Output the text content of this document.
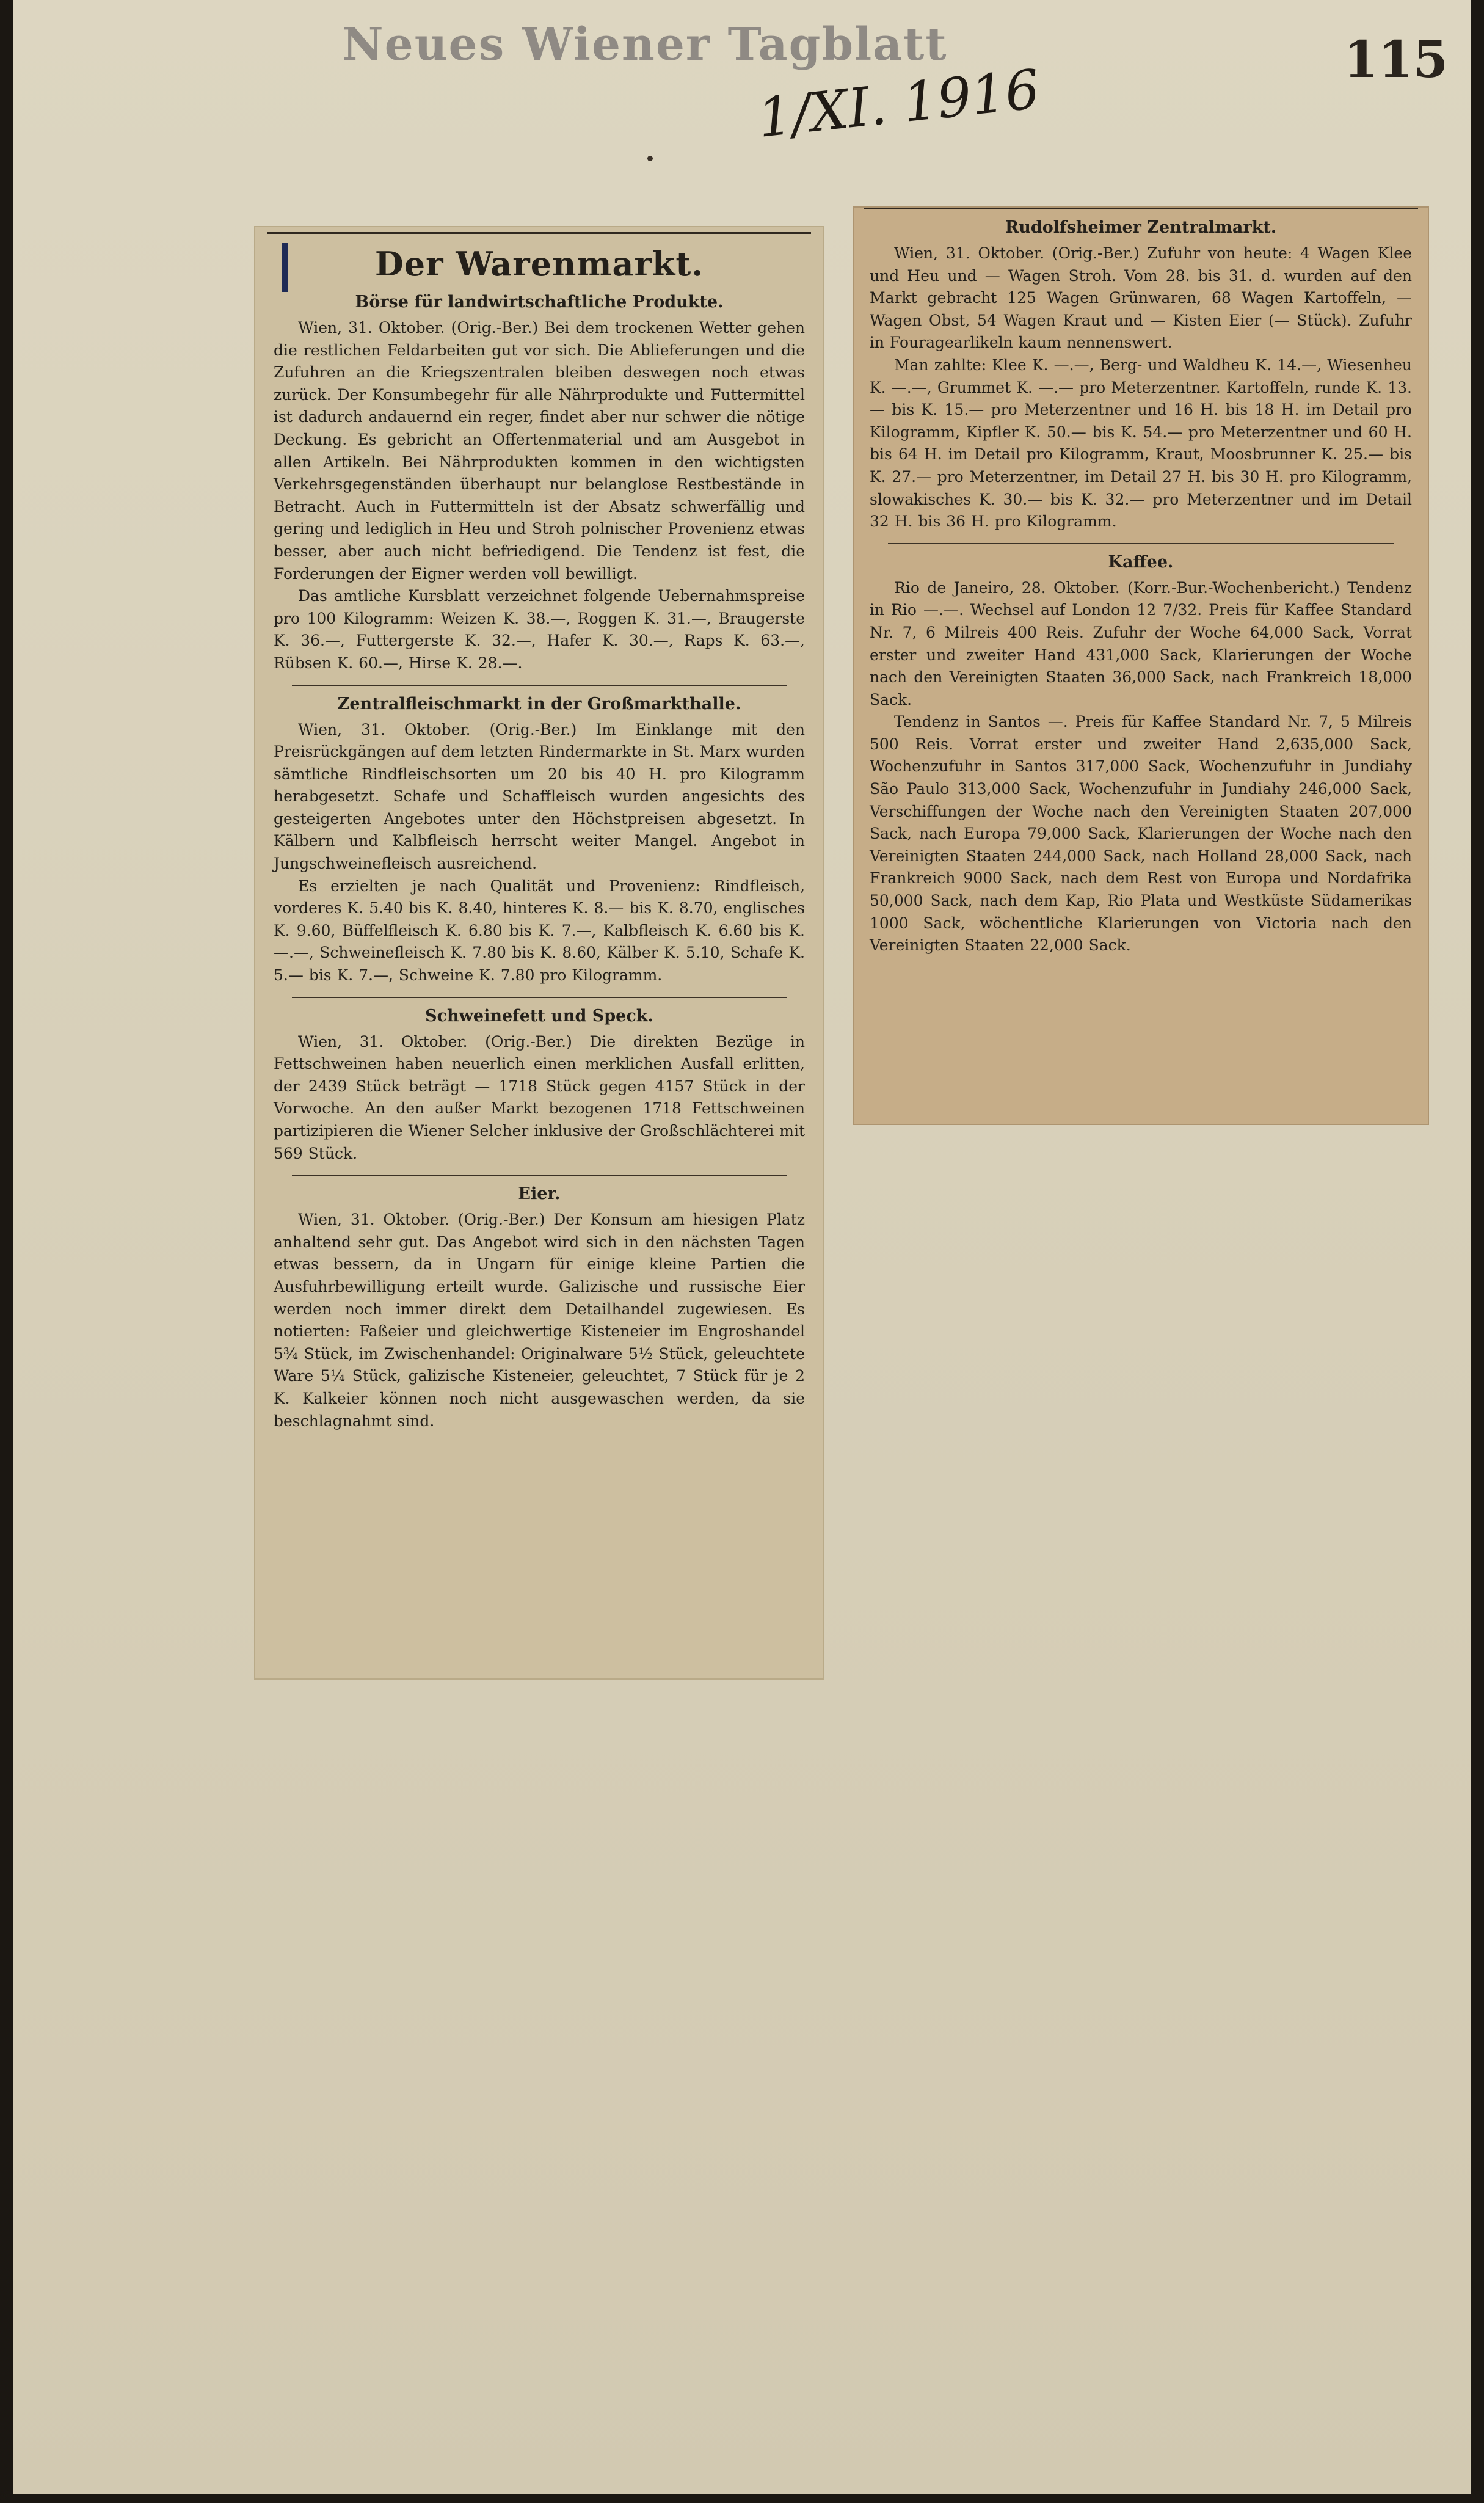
Neues Wiener Tagblatt
1/XI. 1916	115
Der Warenmarkt.
Börse für landwirtschaftliche Produkte.

Wien, 31. Oktober. (Orig.-Ber.) Bei dem trockenen Wetter gehen die restlichen Feldarbeiten gut vor sich. Die Ablieferungen und die Zufuhren an die Kriegszentralen bleiben deswegen noch etwas zurück. Der Konsumbegehr für alle Nährprodukte und Futtermittel ist dadurch andauernd ein reger, findet aber nur schwer die nötige Deckung. Es gebricht an Offertenmaterial und am Ausgebot in allen Artikeln. Bei Nährprodukten kommen in den wichtigsten Verkehrsgegenständen überhaupt nur belanglose Restbestände in Betracht. Auch in Futtermitteln ist der Absatz schwerfällig und gering und lediglich in Heu und Stroh polnischer Provenienz etwas besser, aber auch nicht befriedigend. Die Tendenz ist fest, die Forderungen der Eigner werden voll bewilligt.

Das amtliche Kursblatt verzeichnet folgende Uebernahmspreise pro 100 Kilogramm: Weizen K. 38.—, Roggen K. 31.—, Braugerste K. 36.—, Futtergerste K. 32.—, Hafer K. 30.—, Raps K. 63.—, Rübsen K. 60.—, Hirse K. 28.—.

Zentralfleischmarkt in der Großmarkthalle.

Wien, 31. Oktober. (Orig.-Ber.) Im Einklange mit den Preisrückgängen auf dem letzten Rindermarkte in St. Marx wurden sämtliche Rindfleischsorten um 20 bis 40 H. pro Kilogramm herabgesetzt. Schafe und Schaffleisch wurden angesichts des gesteigerten Angebotes unter den Höchstpreisen abgesetzt. In Kälbern und Kalbfleisch herrscht weiter Mangel. Angebot in Jungschweinefleisch ausreichend.

Es erzielten je nach Qualität und Provenienz: Rindfleisch, vorderes K. 5.40 bis K. 8.40, hinteres K. 8.— bis K. 8.70, englisches K. 9.60, Büffelfleisch K. 6.80 bis K. 7.—, Kalbfleisch K. 6.60 bis K. —.—, Schweinefleisch K. 7.80 bis K. 8.60, Kälber K. 5.10, Schafe K. 5.— bis K. 7.—, Schweine K. 7.80 pro Kilogramm.

Schweinefett und Speck.

Wien, 31. Oktober. (Orig.-Ber.) Die direkten Bezüge in Fettschweinen haben neuerlich einen merklichen Ausfall erlitten, der 2439 Stück beträgt — 1718 Stück gegen 4157 Stück in der Vorwoche. An den außer Markt bezogenen 1718 Fettschweinen partizipieren die Wiener Selcher inklusive der Großschlächterei mit 569 Stück.

Eier.

Wien, 31. Oktober. (Orig.-Ber.) Der Konsum am hiesigen Platz anhaltend sehr gut. Das Angebot wird sich in den nächsten Tagen etwas bessern, da in Ungarn für einige kleine Partien die Ausfuhrbewilligung erteilt wurde. Galizische und russische Eier werden noch immer direkt dem Detailhandel zugewiesen. Es notierten: Faßeier und gleichwertige Kisteneier im Engroshandel 5¾ Stück, im Zwischenhandel: Originalware 5½ Stück, geleuchtete Ware 5¼ Stück, galizische Kisteneier, geleuchtet, 7 Stück für je 2 K. Kalkeier können noch nicht ausgewaschen werden, da sie beschlagnahmt sind.

Rudolfsheimer Zentralmarkt.

Wien, 31. Oktober. (Orig.-Ber.) Zufuhr von heute: 4 Wagen Klee und Heu und — Wagen Stroh. Vom 28. bis 31. d. wurden auf den Markt gebracht 125 Wagen Grünwaren, 68 Wagen Kartoffeln, — Wagen Obst, 54 Wagen Kraut und — Kisten Eier (— Stück). Zufuhr in Fouragearlikeln kaum nennenswert.

Man zahlte: Klee K. —.—, Berg- und Waldheu K. 14.—, Wiesenheu K. —.—, Grummet K. —.— pro Meterzentner. Kartoffeln, runde K. 13.— bis K. 15.— pro Meterzentner und 16 H. bis 18 H. im Detail pro Kilogramm, Kipfler K. 50.— bis K. 54.— pro Meterzentner und 60 H. bis 64 H. im Detail pro Kilogramm, Kraut, Moosbrunner K. 25.— bis K. 27.— pro Meterzentner, im Detail 27 H. bis 30 H. pro Kilogramm, slowakisches K. 30.— bis K. 32.— pro Meterzentner und im Detail 32 H. bis 36 H. pro Kilogramm.

Kaffee.

Rio de Janeiro, 28. Oktober. (Korr.-Bur.-Wochenbericht.) Tendenz in Rio —.—. Wechsel auf London 12 7/32. Preis für Kaffee Standard Nr. 7, 6 Milreis 400 Reis. Zufuhr der Woche 64,000 Sack, Vorrat erster und zweiter Hand 431,000 Sack, Klarierungen der Woche nach den Vereinigten Staaten 36,000 Sack, nach Frankreich 18,000 Sack.

Tendenz in Santos —. Preis für Kaffee Standard Nr. 7, 5 Milreis 500 Reis. Vorrat erster und zweiter Hand 2,635,000 Sack, Wochenzufuhr in Santos 317,000 Sack, Wochenzufuhr in Jundiahy São Paulo 313,000 Sack, Wochenzufuhr in Jundiahy 246,000 Sack, Verschiffungen der Woche nach den Vereinigten Staaten 207,000 Sack, nach Europa 79,000 Sack, Klarierungen der Woche nach den Vereinigten Staaten 244,000 Sack, nach Holland 28,000 Sack, nach Frankreich 9000 Sack, nach dem Rest von Europa und Nordafrika 50,000 Sack, nach dem Kap, Rio Plata und Westküste Südamerikas 1000 Sack, wöchentliche Klarierungen von Victoria nach den Vereinigten Staaten 22,000 Sack.
